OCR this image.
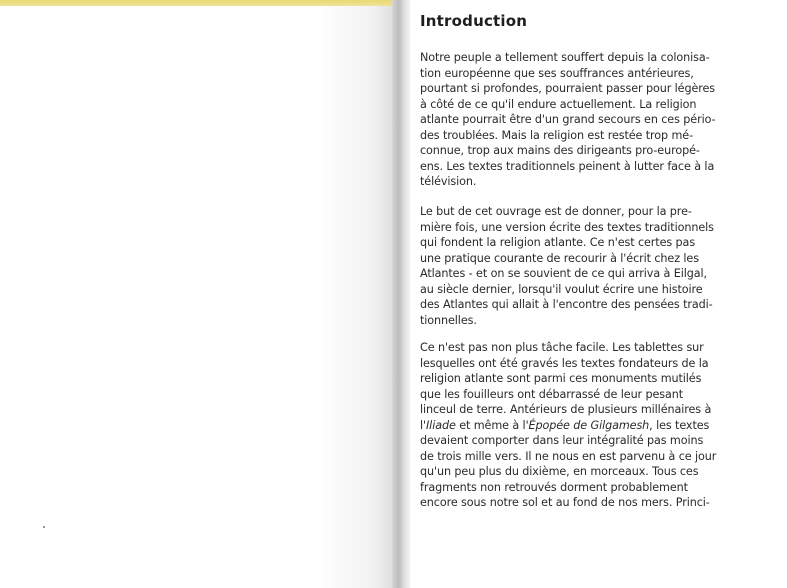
Introduction
Notre peuple a tellement souffert depuis la colonisa-
tion européenne que ses souffrances antérieures,
pourtant si profondes, pourraient passer pour légères
à côté de ce qu'il endure actuellement. La religion
atlante pourrait être d'un grand secours en ces pério-
des troublées. Mais la religion est restée trop mé-
connue, trop aux mains des dirigeants pro-europé-
ens. Les textes traditionnels peinent à lutter face à la
télévision.
Le but de cet ouvrage est de donner, pour la pre-
mière fois, une version écrite des textes traditionnels
qui fondent la religion atlante. Ce n'est certes pas
une pratique courante de recourir à l'écrit chez les
Atlantes - et on se souvient de ce qui arriva à Eilgal,
au siècle dernier, lorsqu'il voulut écrire une histoire
des Atlantes qui allait à l'encontre des pensées tradi-
tionnelles.
Ce n'est pas non plus tâche facile. Les tablettes sur
lesquelles ont été gravés les textes fondateurs de la
religion atlante sont parmi ces monuments mutilés
que les fouilleurs ont débarrassé de leur pesant
linceul de terre. Antérieurs de plusieurs millénaires à
l'Iliade et même à l'Épopée de Gilgamesh, les textes
devaient comporter dans leur intégralité pas moins
de trois mille vers. Il ne nous en est parvenu à ce jour
qu'un peu plus du dixième, en morceaux. Tous ces
fragments non retrouvés dorment probablement
encore sous notre sol et au fond de nos mers. Princi-
